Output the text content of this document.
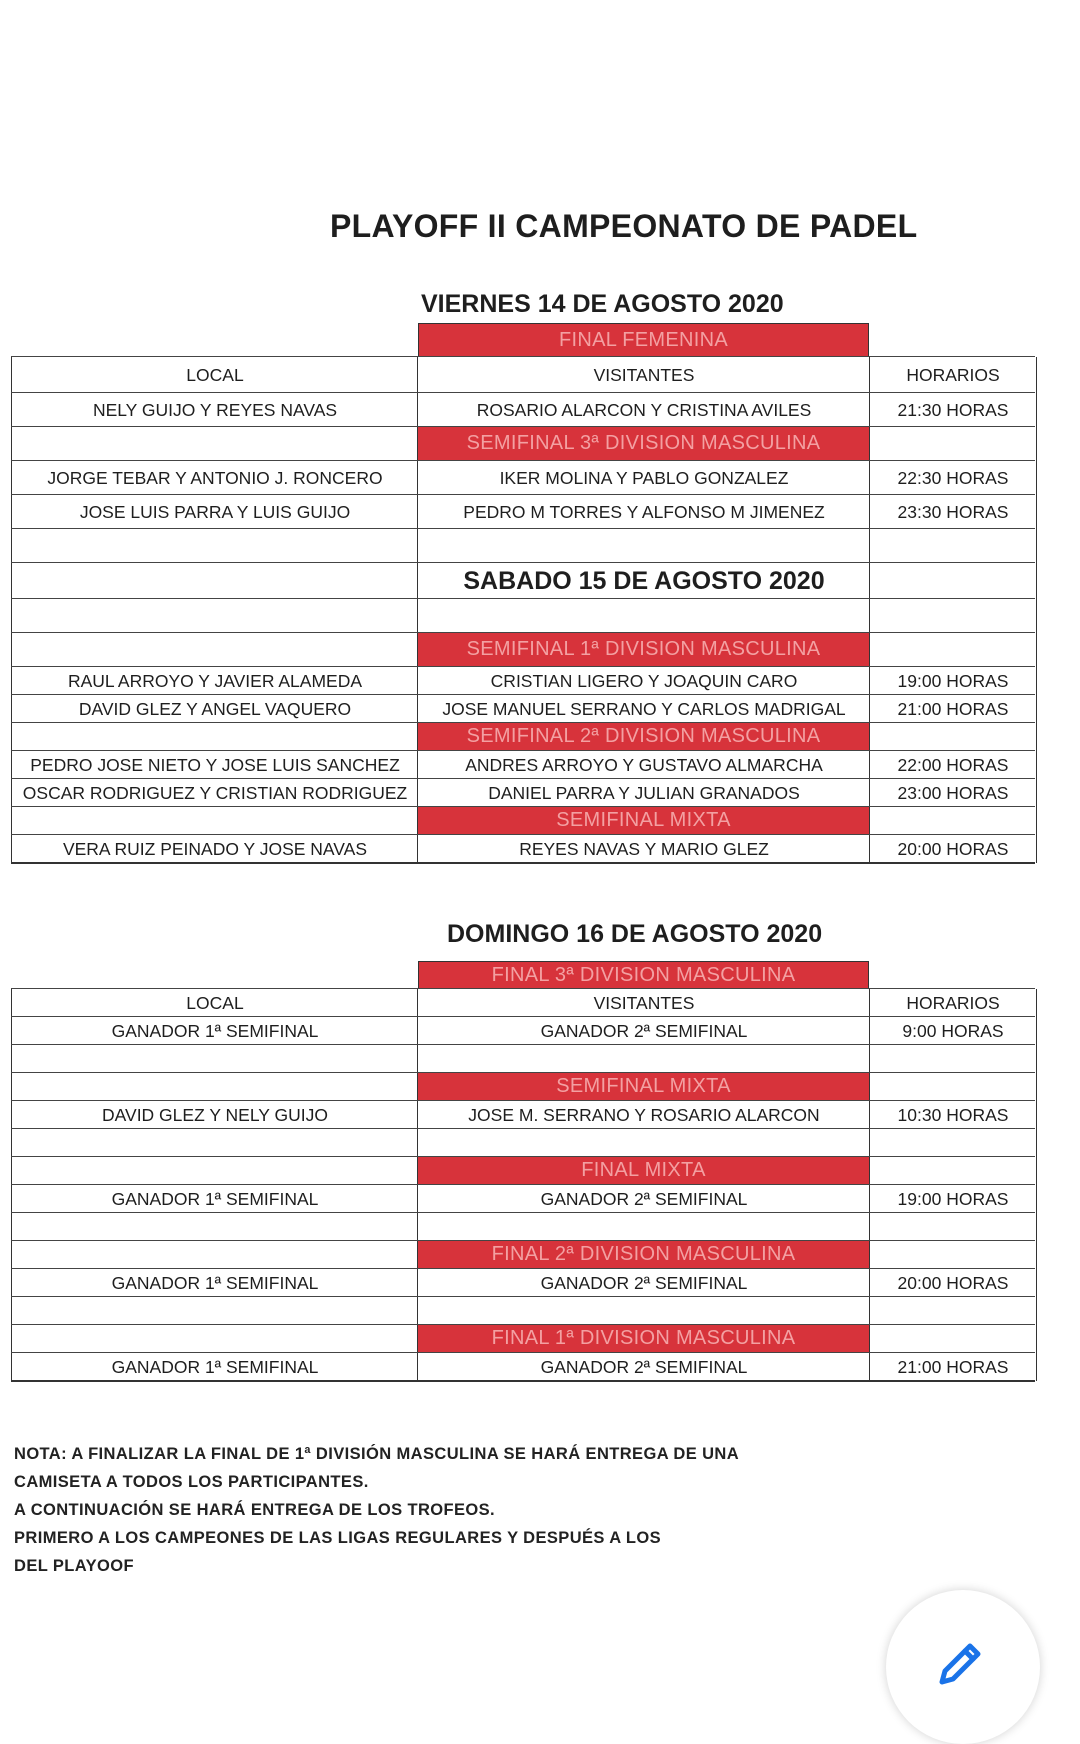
PLAYOFF II CAMPEONATO DE PADEL
VIERNES 14 DE AGOSTO 2020
FINAL FEMENINA
LOCAL	VISITANTES	HORARIOS
NELY GUIJO Y REYES NAVAS	ROSARIO ALARCON Y CRISTINA AVILES	21:30 HORAS
SEMIFINAL 3ª DIVISION MASCULINA
JORGE TEBAR Y ANTONIO J. RONCERO	IKER MOLINA Y PABLO GONZALEZ	22:30 HORAS
JOSE LUIS PARRA Y LUIS GUIJO	PEDRO M TORRES Y ALFONSO M JIMENEZ	23:30 HORAS
SABADO 15 DE AGOSTO 2020
SEMIFINAL 1ª DIVISION MASCULINA
RAUL ARROYO Y JAVIER ALAMEDA	CRISTIAN LIGERO Y JOAQUIN CARO	19:00 HORAS
DAVID GLEZ Y ANGEL VAQUERO	JOSE MANUEL SERRANO Y CARLOS MADRIGAL	21:00 HORAS
SEMIFINAL 2ª DIVISION MASCULINA
PEDRO JOSE NIETO Y JOSE LUIS SANCHEZ	ANDRES ARROYO Y GUSTAVO ALMARCHA	22:00 HORAS
OSCAR RODRIGUEZ Y CRISTIAN RODRIGUEZ	DANIEL PARRA Y JULIAN GRANADOS	23:00 HORAS
SEMIFINAL MIXTA
VERA RUIZ PEINADO Y JOSE NAVAS	REYES NAVAS Y MARIO GLEZ	20:00 HORAS
DOMINGO 16 DE AGOSTO 2020
FINAL 3ª DIVISION MASCULINA
LOCAL	VISITANTES	HORARIOS
GANADOR 1ª SEMIFINAL	GANADOR 2ª SEMIFINAL	9:00 HORAS
SEMIFINAL MIXTA
DAVID GLEZ Y NELY GUIJO	JOSE M. SERRANO Y ROSARIO ALARCON	10:30 HORAS
FINAL MIXTA
GANADOR 1ª SEMIFINAL	GANADOR 2ª SEMIFINAL	19:00 HORAS
FINAL 2ª DIVISION MASCULINA
GANADOR 1ª SEMIFINAL	GANADOR 2ª SEMIFINAL	20:00 HORAS
FINAL 1ª DIVISION MASCULINA
GANADOR 1ª SEMIFINAL	GANADOR 2ª SEMIFINAL	21:00 HORAS
NOTA: A FINALIZAR LA FINAL DE 1ª DIVISIÓN MASCULINA SE HARÁ ENTREGA DE UNA
CAMISETA A TODOS LOS PARTICIPANTES.
A CONTINUACIÓN SE HARÁ ENTREGA DE LOS TROFEOS.
PRIMERO A LOS CAMPEONES DE LAS LIGAS REGULARES Y DESPUÉS A LOS
DEL PLAYOOF
